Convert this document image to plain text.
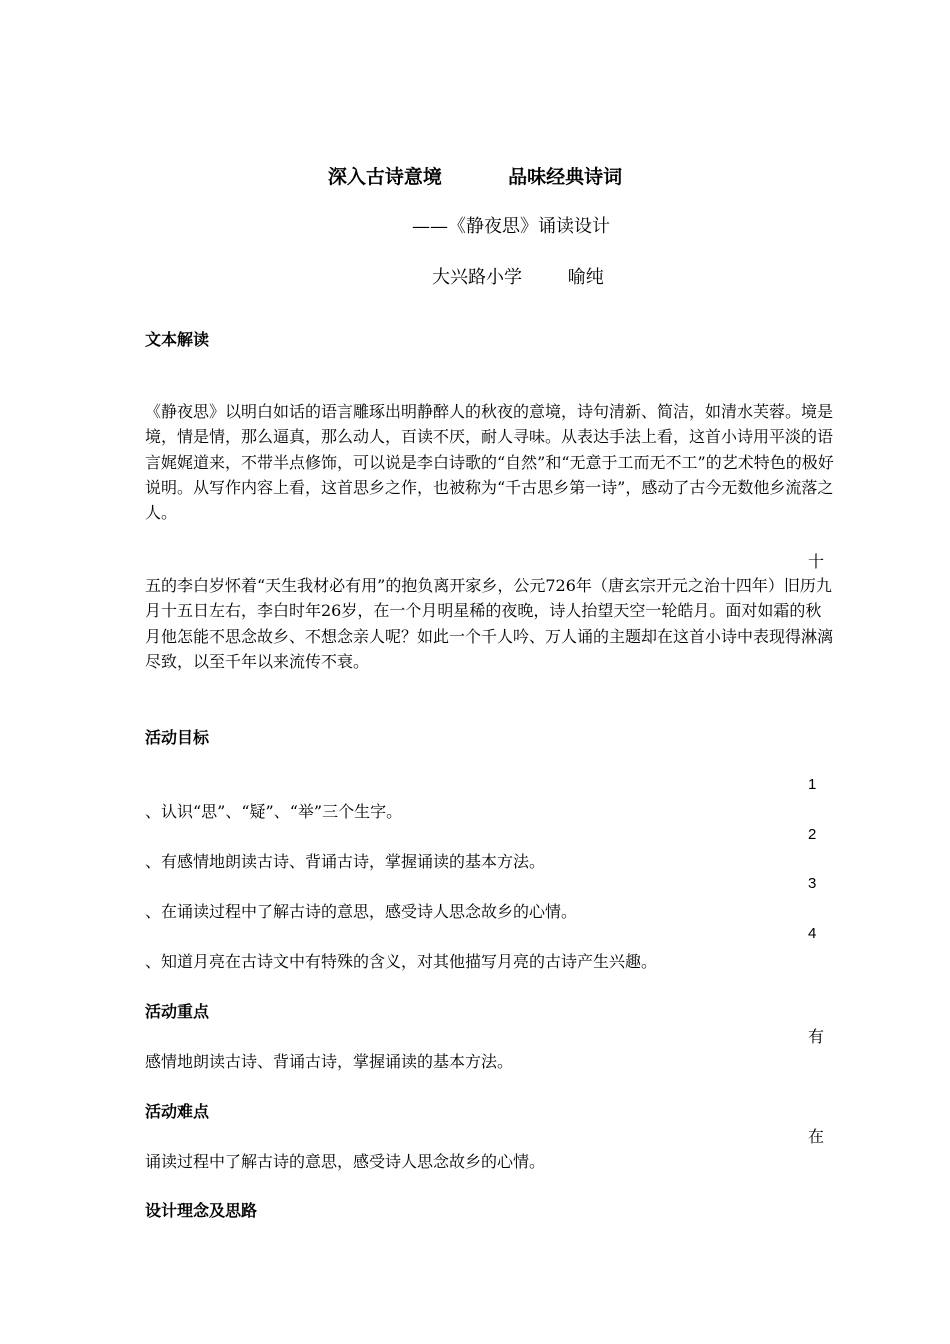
深入古诗意境          品味经典诗词
——《静夜思》诵读设计
大兴路小学        喻纯
文本解读
《静夜思》以明白如话的语言雕琢出明静醉人的秋夜的意境，诗句清新、简洁，如清水芙蓉。境是境，情是情，那么逼真，那么动人，百读不厌，耐人寻味。从表达手法上看，这首小诗用平淡的语言娓娓道来，不带半点修饰，可以说是李白诗歌的“自然”和“无意于工而无不工”的艺术特色的极好说明。从写作内容上看，这首思乡之作，也被称为“千古思乡第一诗”，感动了古今无数他乡流落之人。
十
五的李白岁怀着“天生我材必有用”的抱负离开家乡，公元726年（唐玄宗开元之治十四年）旧历九月十五日左右，李白时年26岁，在一个月明星稀的夜晚，诗人抬望天空一轮皓月。面对如霜的秋月他怎能不思念故乡、不想念亲人呢？如此一个千人吟、万人诵的主题却在这首小诗中表现得淋漓尽致，以至千年以来流传不衰。
活动目标
1
、认识“思”、“疑”、“举”三个生字。
2
、有感情地朗读古诗、背诵古诗，掌握诵读的基本方法。
3
、在诵读过程中了解古诗的意思，感受诗人思念故乡的心情。
4
、知道月亮在古诗文中有特殊的含义，对其他描写月亮的古诗产生兴趣。
活动重点
有
感情地朗读古诗、背诵古诗，掌握诵读的基本方法。
活动难点
在
诵读过程中了解古诗的意思，感受诗人思念故乡的心情。
设计理念及思路
